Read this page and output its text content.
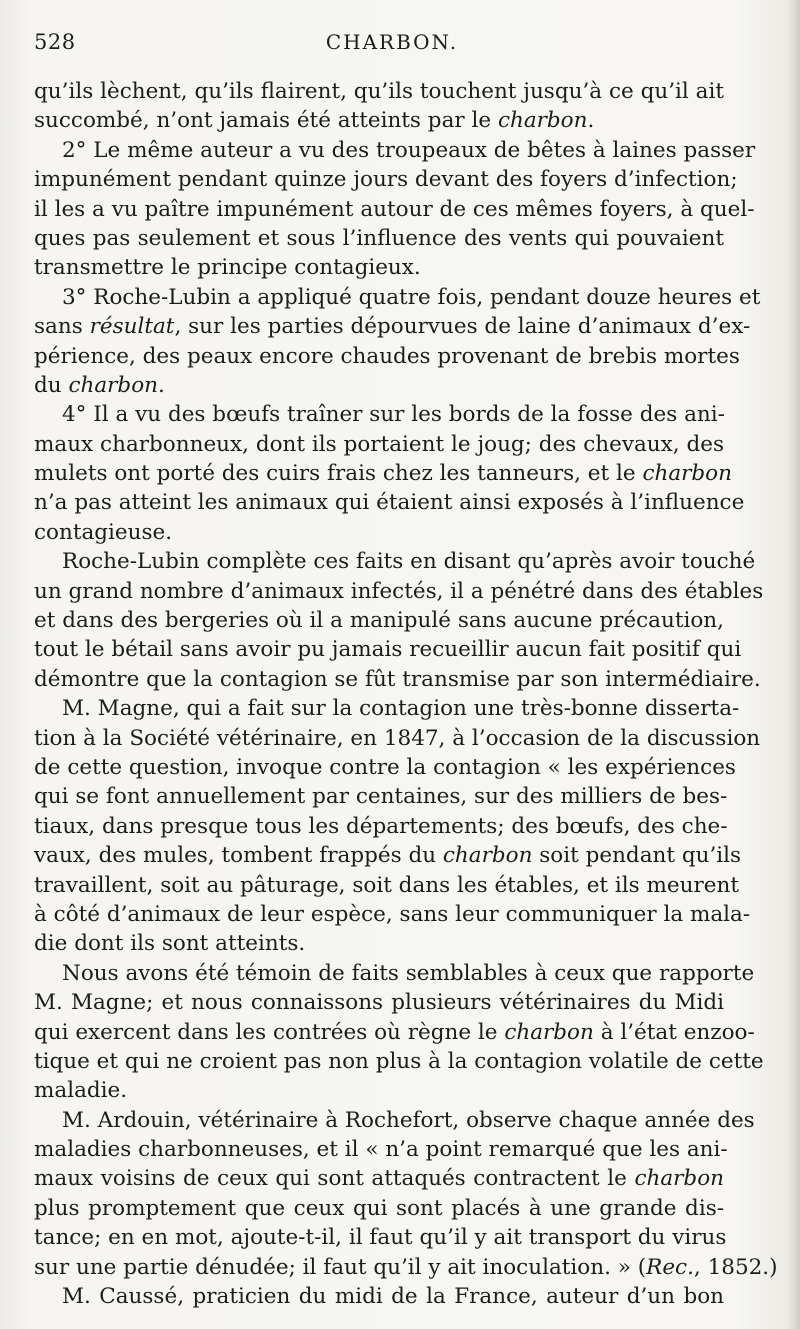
528	CHARBON.
qu’ils lèchent, qu’ils flairent, qu’ils touchent jusqu’à ce qu’il ait
succombé, n’ont jamais été atteints par le charbon.
2° Le même auteur a vu des troupeaux de bêtes à laines passer
impunément pendant quinze jours devant des foyers d’infection;
il les a vu paître impunément autour de ces mêmes foyers, à quel-
ques pas seulement et sous l’influence des vents qui pouvaient
transmettre le principe contagieux.
3° Roche-Lubin a appliqué quatre fois, pendant douze heures et
sans résultat, sur les parties dépourvues de laine d’animaux d’ex-
périence, des peaux encore chaudes provenant de brebis mortes
du charbon.
4° Il a vu des bœufs traîner sur les bords de la fosse des ani-
maux charbonneux, dont ils portaient le joug; des chevaux, des
mulets ont porté des cuirs frais chez les tanneurs, et le charbon
n’a pas atteint les animaux qui étaient ainsi exposés à l’influence
contagieuse.
Roche-Lubin complète ces faits en disant qu’après avoir touché
un grand nombre d’animaux infectés, il a pénétré dans des étables
et dans des bergeries où il a manipulé sans aucune précaution,
tout le bétail sans avoir pu jamais recueillir aucun fait positif qui
démontre que la contagion se fût transmise par son intermédiaire.
M. Magne, qui a fait sur la contagion une très-bonne disserta-
tion à la Société vétérinaire, en 1847, à l’occasion de la discussion
de cette question, invoque contre la contagion « les expériences
qui se font annuellement par centaines, sur des milliers de bes-
tiaux, dans presque tous les départements; des bœufs, des che-
vaux, des mules, tombent frappés du charbon soit pendant qu’ils
travaillent, soit au pâturage, soit dans les étables, et ils meurent
à côté d’animaux de leur espèce, sans leur communiquer la mala-
die dont ils sont atteints.
Nous avons été témoin de faits semblables à ceux que rapporte
M. Magne; et nous connaissons plusieurs vétérinaires du Midi
qui exercent dans les contrées où règne le charbon à l’état enzoo-
tique et qui ne croient pas non plus à la contagion volatile de cette
maladie.
M. Ardouin, vétérinaire à Rochefort, observe chaque année des
maladies charbonneuses, et il « n’a point remarqué que les ani-
maux voisins de ceux qui sont attaqués contractent le charbon
plus promptement que ceux qui sont placés à une grande dis-
tance; en en mot, ajoute-t-il, il faut qu’il y ait transport du virus
sur une partie dénudée; il faut qu’il y ait inoculation. » (Rec., 1852.)
M. Caussé, praticien du midi de la France, auteur d’un bon
